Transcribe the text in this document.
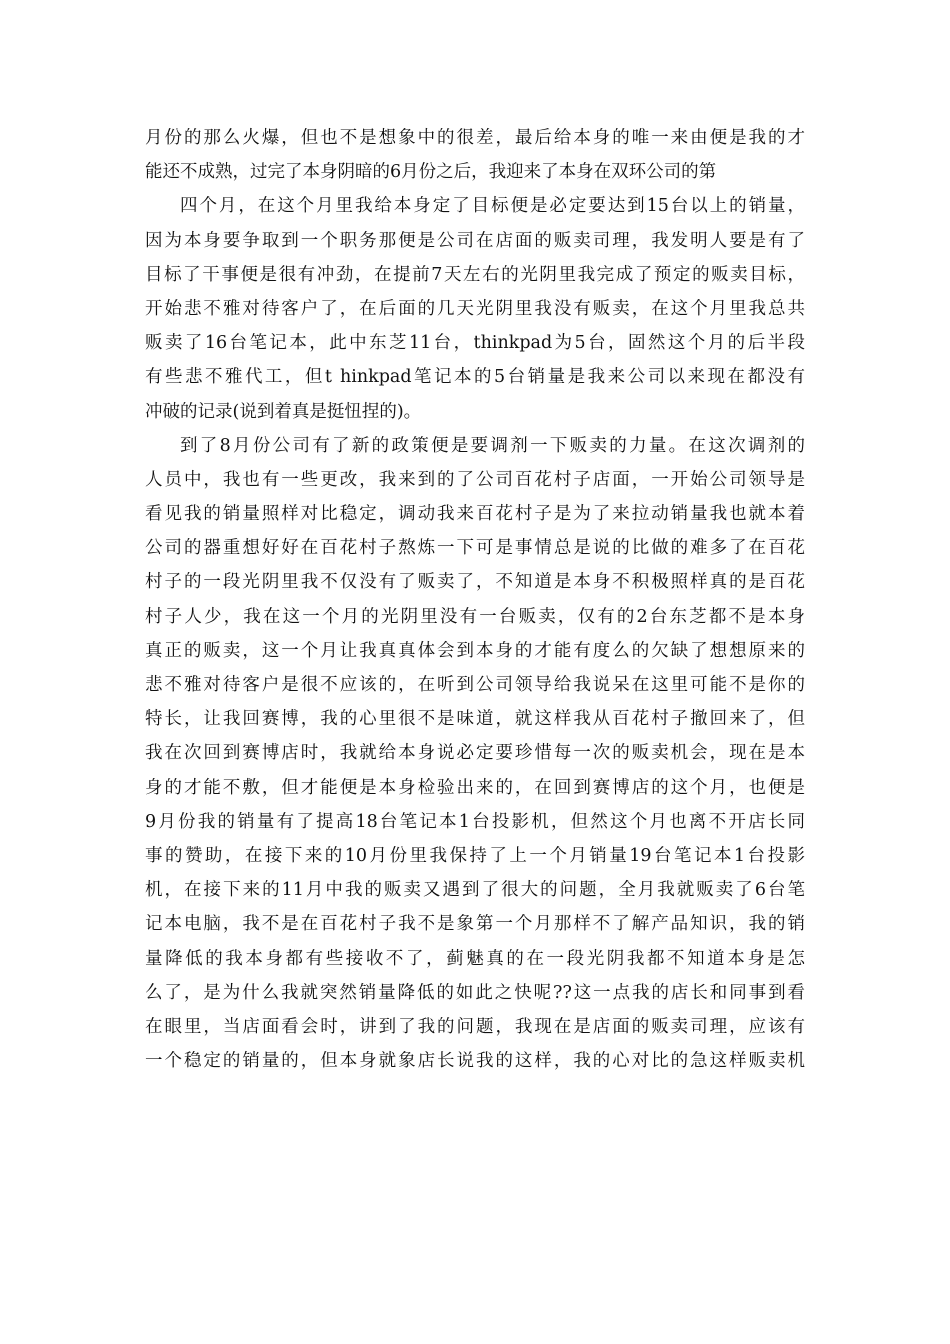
月份的那么火爆，但也不是想象中的很差，最后给本身的唯一来由便是我的才
能还不成熟，过完了本身阴暗的6月份之后，我迎来了本身在双环公司的第
四个月，在这个月里我给本身定了目标便是必定要达到15台以上的销量，
因为本身要争取到一个职务那便是公司在店面的贩卖司理，我发明人要是有了
目标了干事便是很有冲劲，在提前7天左右的光阴里我完成了预定的贩卖目标，
开始悲不雅对待客户了，在后面的几天光阴里我没有贩卖，在这个月里我总共
贩卖了16台笔记本，此中东芝11台，thinkpad为5台，固然这个月的后半段
有些悲不雅代工，但t hinkpad笔记本的5台销量是我来公司以来现在都没有
冲破的记录(说到着真是挺忸捏的)。
到了8月份公司有了新的政策便是要调剂一下贩卖的力量。在这次调剂的
人员中，我也有一些更改，我来到的了公司百花村子店面，一开始公司领导是
看见我的销量照样对比稳定，调动我来百花村子是为了来拉动销量我也就本着
公司的器重想好好在百花村子熬炼一下可是事情总是说的比做的难多了在百花
村子的一段光阴里我不仅没有了贩卖了，不知道是本身不积极照样真的是百花
村子人少，我在这一个月的光阴里没有一台贩卖，仅有的2台东芝都不是本身
真正的贩卖，这一个月让我真真体会到本身的才能有度么的欠缺了想想原来的
悲不雅对待客户是很不应该的，在听到公司领导给我说呆在这里可能不是你的
特长，让我回赛博，我的心里很不是味道，就这样我从百花村子撤回来了，但
我在次回到赛博店时，我就给本身说必定要珍惜每一次的贩卖机会，现在是本
身的才能不敷，但才能便是本身检验出来的，在回到赛博店的这个月，也便是
9月份我的销量有了提高18台笔记本1台投影机，但然这个月也离不开店长同
事的赞助，在接下来的10月份里我保持了上一个月销量19台笔记本1台投影
机，在接下来的11月中我的贩卖又遇到了很大的问题，全月我就贩卖了6台笔
记本电脑，我不是在百花村子我不是象第一个月那样不了解产品知识，我的销
量降低的我本身都有些接收不了，蓟魅真的在一段光阴我都不知道本身是怎
么了，是为什么我就突然销量降低的如此之快呢??这一点我的店长和同事到看
在眼里，当店面看会时，讲到了我的问题，我现在是店面的贩卖司理，应该有
一个稳定的销量的，但本身就象店长说我的这样，我的心对比的急这样贩卖机
